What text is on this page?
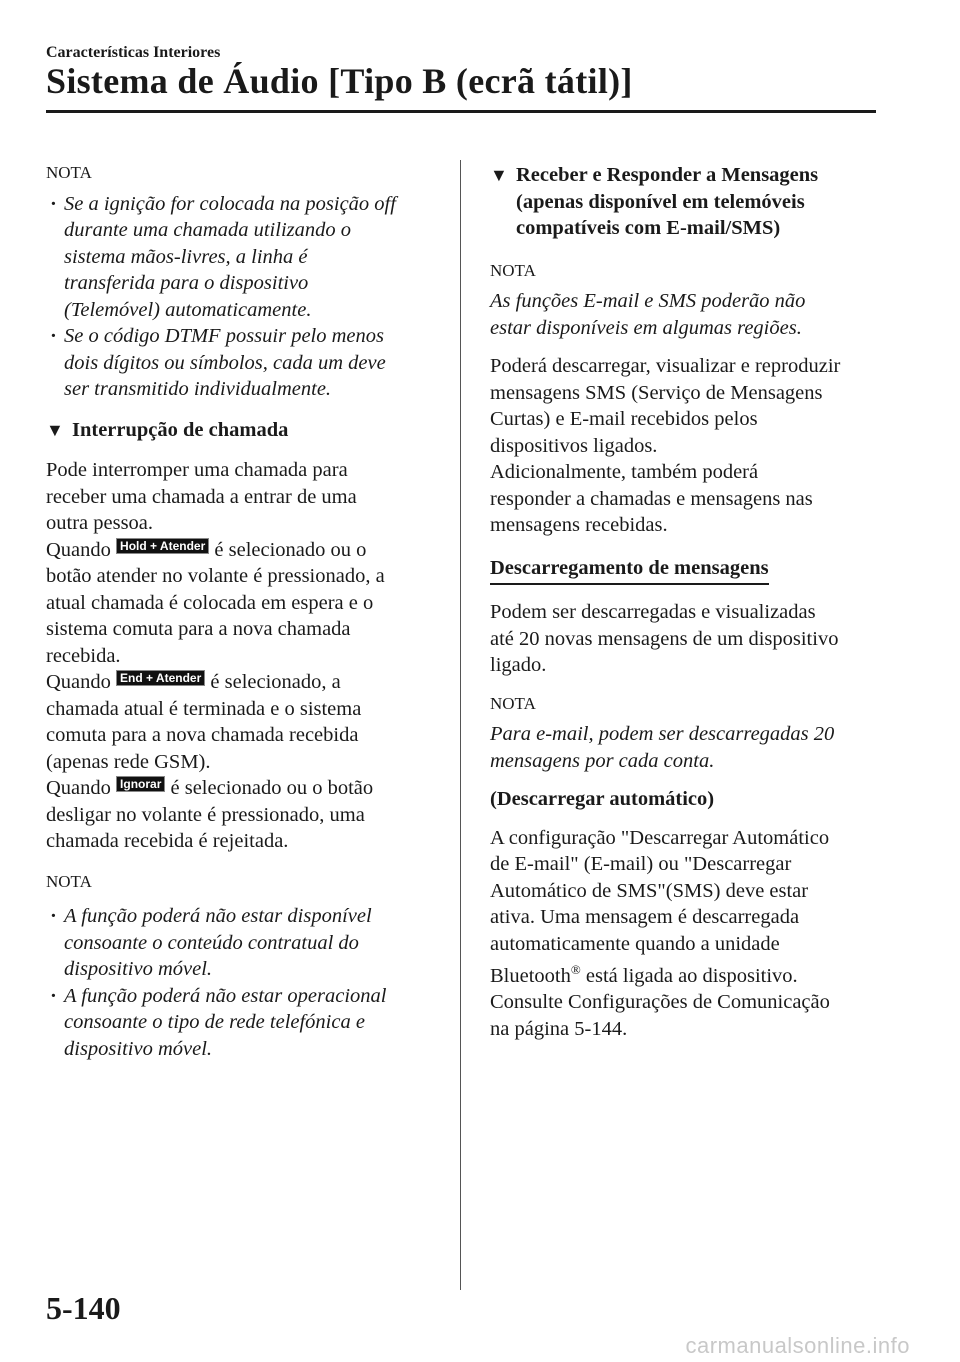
Características Interiores
Sistema de Áudio [Tipo B (ecrã tátil)]
NOTA
· Se a ignição for colocada na posição off
durante uma chamada utilizando o
sistema mãos-livres, a linha é
transferida para o dispositivo
(Telemóvel) automaticamente.
· Se o código DTMF possuir pelo menos
dois dígitos ou símbolos, cada um deve
ser transmitido individualmente.
▼ Interrupção de chamada
Pode interromper uma chamada para
receber uma chamada a entrar de uma
outra pessoa.
Quando Hold + Atender é selecionado ou o
botão atender no volante é pressionado, a
atual chamada é colocada em espera e o
sistema comuta para a nova chamada
recebida.
Quando End + Atender é selecionado, a
chamada atual é terminada e o sistema
comuta para a nova chamada recebida
(apenas rede GSM).
Quando Ignorar é selecionado ou o botão
desligar no volante é pressionado, uma
chamada recebida é rejeitada.
NOTA
· A função poderá não estar disponível
consoante o conteúdo contratual do
dispositivo móvel.
· A função poderá não estar operacional
consoante o tipo de rede telefónica e
dispositivo móvel.
▼ Receber e Responder a Mensagens
(apenas disponível em telemóveis
compatíveis com E-mail/SMS)
NOTA
As funções E-mail e SMS poderão não
estar disponíveis em algumas regiões.
Poderá descarregar, visualizar e reproduzir
mensagens SMS (Serviço de Mensagens
Curtas) e E-mail recebidos pelos
dispositivos ligados.
Adicionalmente, também poderá
responder a chamadas e mensagens nas
mensagens recebidas.
Descarregamento de mensagens
Podem ser descarregadas e visualizadas
até 20 novas mensagens de um dispositivo
ligado.
NOTA
Para e-mail, podem ser descarregadas 20
mensagens por cada conta.
(Descarregar automático)
A configuração "Descarregar Automático
de E-mail" (E-mail) ou "Descarregar
Automático de SMS"(SMS) deve estar
ativa. Uma mensagem é descarregada
automaticamente quando a unidade
Bluetooth® está ligada ao dispositivo.
Consulte Configurações de Comunicação
na página 5-144.
5-140
carmanualsonline.info
